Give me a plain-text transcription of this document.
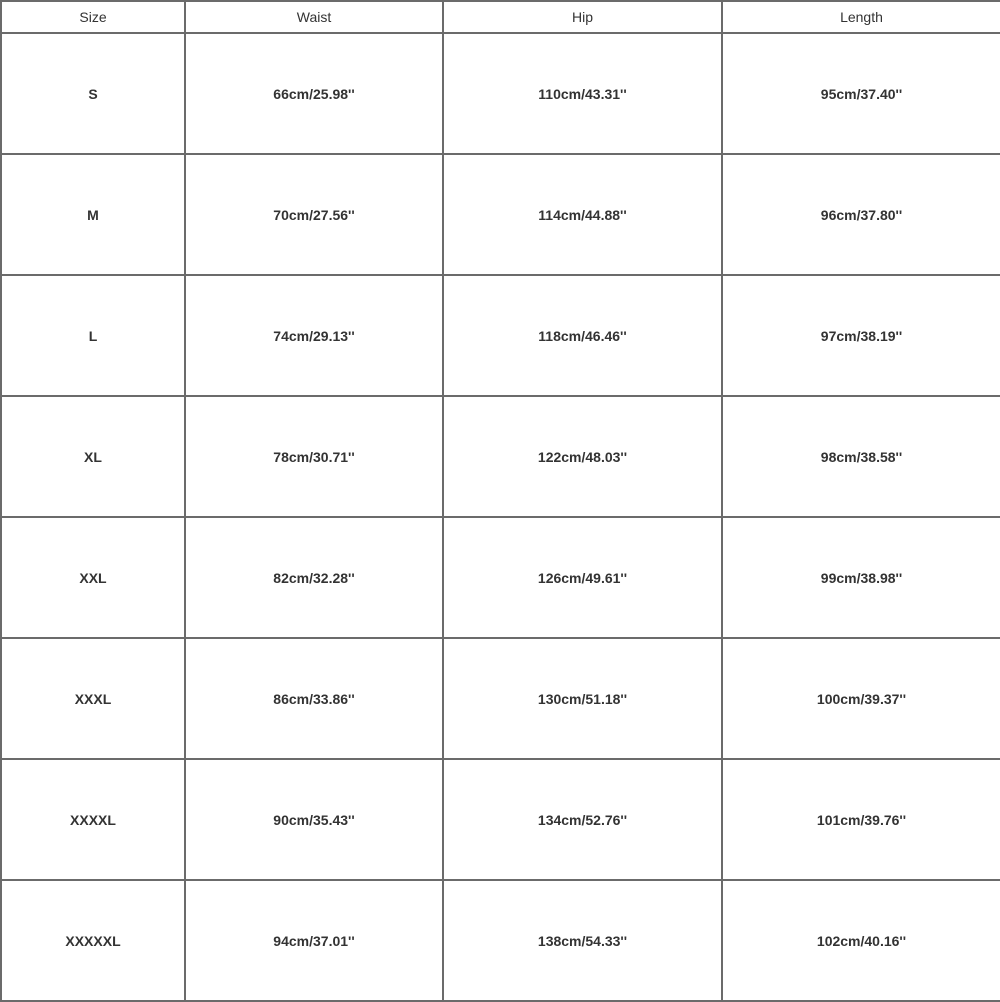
Size	Waist	Hip	Length
S	66cm/25.98''	110cm/43.31''	95cm/37.40''
M	70cm/27.56''	114cm/44.88''	96cm/37.80''
L	74cm/29.13''	118cm/46.46''	97cm/38.19''
XL	78cm/30.71''	122cm/48.03''	98cm/38.58''
XXL	82cm/32.28''	126cm/49.61''	99cm/38.98''
XXXL	86cm/33.86''	130cm/51.18''	100cm/39.37''
XXXXL	90cm/35.43''	134cm/52.76''	101cm/39.76''
XXXXXL	94cm/37.01''	138cm/54.33''	102cm/40.16''
